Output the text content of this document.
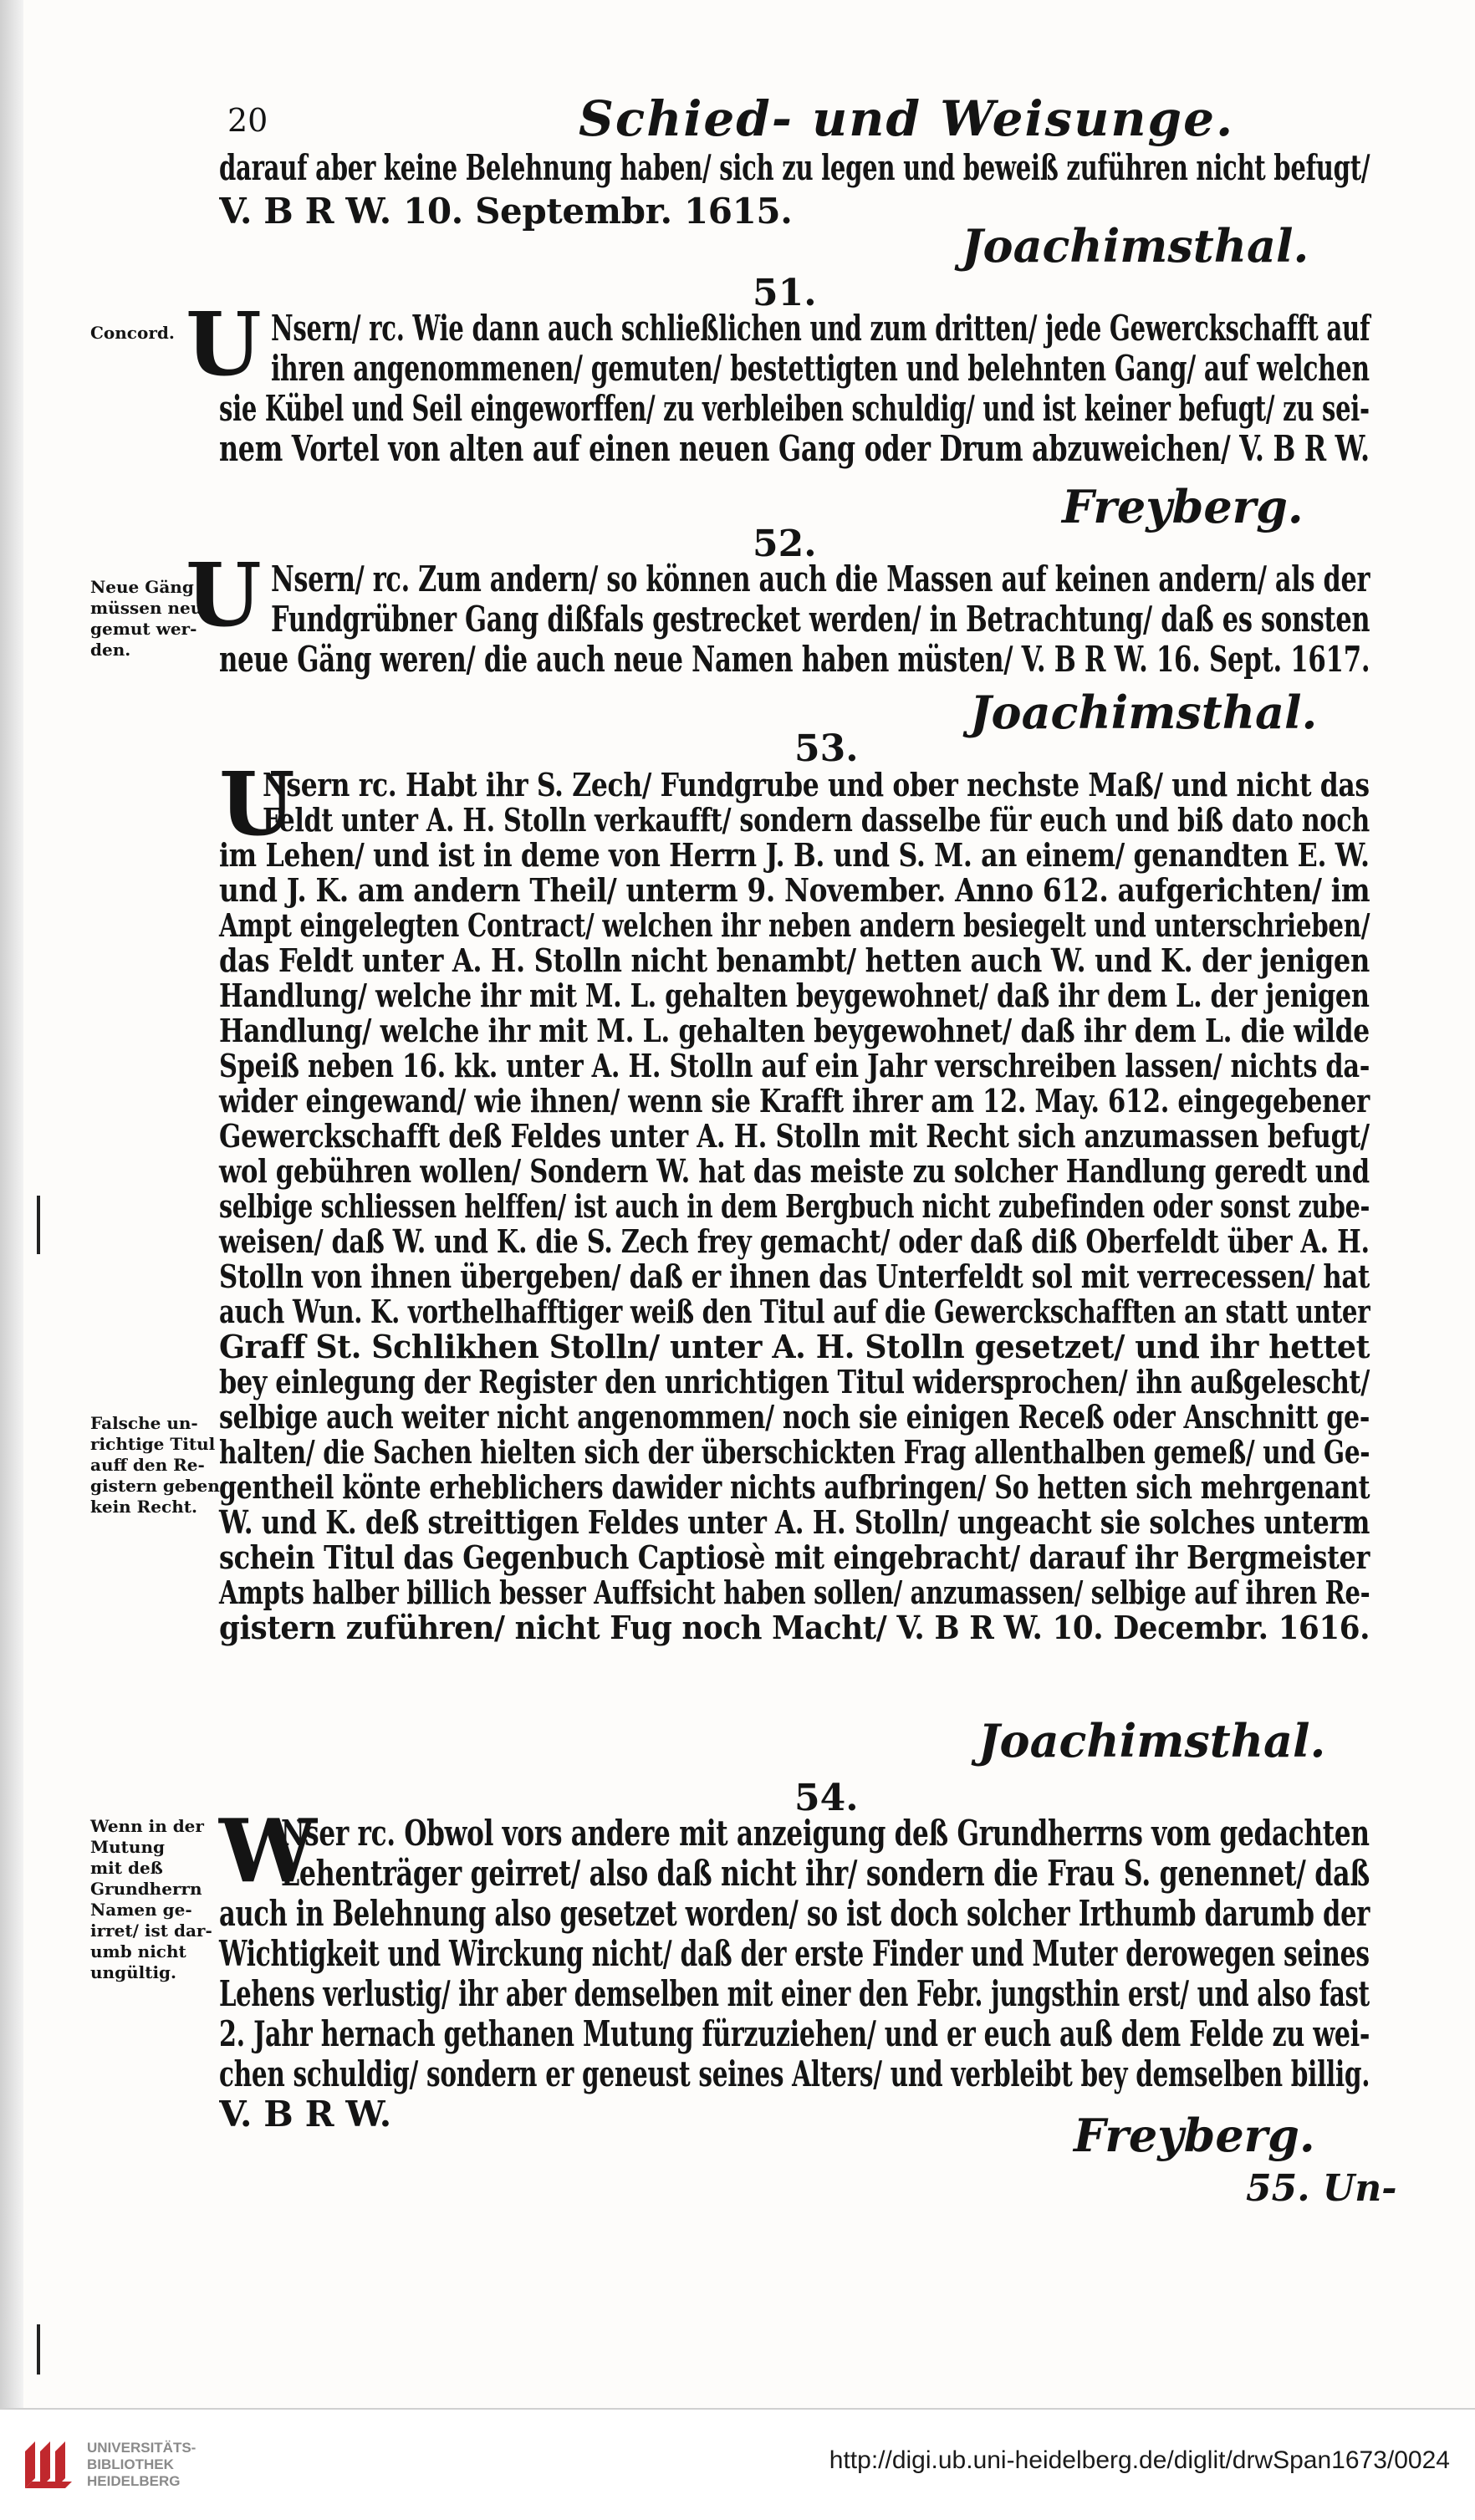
20	Schied- und Weisunge.
darauf aber keine Belehnung haben/ sich zu legen und beweiß zuführen nicht befugt/
V. B R W. 10. Septembr. 1615.
Joachimsthal.
51.
U Nsern/ rc. Wie dann auch schließlichen und zum dritten/ jede Gewerckschafft auf
ihren angenommenen/ gemuten/ bestettigten und belehnten Gang/ auf welchen
sie Kübel und Seil eingeworffen/ zu verbleiben schuldig/ und ist keiner befugt/ zu sei-
nem Vortel von alten auf einen neuen Gang oder Drum abzuweichen/ V. B R W.
Concord.
Freyberg.
52.
U Nsern/ rc. Zum andern/ so können auch die Massen auf keinen andern/ als der
Fundgrübner Gang dißfals gestrecket werden/ in Betrachtung/ daß es sonsten
neue Gäng weren/ die auch neue Namen haben müsten/ V. B R W. 16. Sept. 1617.
Neue Gäng
müssen neu
gemut wer-
den.
Joachimsthal.
53.
U
Nsern rc. Habt ihr S. Zech/ Fundgrube und ober nechste Maß/ und nicht das
Feldt unter A. H. Stolln verkaufft/ sondern dasselbe für euch und biß dato noch
im Lehen/ und ist in deme von Herrn J. B. und S. M. an einem/ genandten E. W.
und J. K. am andern Theil/ unterm 9. November. Anno 612. aufgerichten/ im
Ampt eingelegten Contract/ welchen ihr neben andern besiegelt und unterschrieben/
das Feldt unter A. H. Stolln nicht benambt/ hetten auch W. und K. der jenigen
Handlung/ welche ihr mit M. L. gehalten beygewohnet/ daß ihr dem L. der jenigen
Handlung/ welche ihr mit M. L. gehalten beygewohnet/ daß ihr dem L. die wilde
Speiß neben 16. kk. unter A. H. Stolln auf ein Jahr verschreiben lassen/ nichts da-
wider eingewand/ wie ihnen/ wenn sie Krafft ihrer am 12. May. 612. eingegebener
Gewerckschafft deß Feldes unter A. H. Stolln mit Recht sich anzumassen befugt/
wol gebühren wollen/ Sondern W. hat das meiste zu solcher Handlung geredt und
selbige schliessen helffen/ ist auch in dem Bergbuch nicht zubefinden oder sonst zube-
weisen/ daß W. und K. die S. Zech frey gemacht/ oder daß diß Oberfeldt über A. H.
Stolln von ihnen übergeben/ daß er ihnen das Unterfeldt sol mit verrecessen/ hat
auch Wun. K. vorthelhafftiger weiß den Titul auf die Gewerckschafften an statt unter
Graff St. Schlikhen Stolln/ unter A. H. Stolln gesetzet/ und ihr hettet
bey einlegung der Register den unrichtigen Titul widersprochen/ ihn außgelescht/
selbige auch weiter nicht angenommen/ noch sie einigen Receß oder Anschnitt ge-
halten/ die Sachen hielten sich der überschickten Frag allenthalben gemeß/ und Ge-
gentheil könte erheblichers dawider nichts aufbringen/ So hetten sich mehrgenant
W. und K. deß streittigen Feldes unter A. H. Stolln/ ungeacht sie solches unterm
schein Titul das Gegenbuch Captiosè mit eingebracht/ darauf ihr Bergmeister
Ampts halber billich besser Auffsicht haben sollen/ anzumassen/ selbige auf ihren Re-
gistern zuführen/ nicht Fug noch Macht/ V. B R W. 10. Decembr. 1616.
Falsche un-
richtige Titul
auff den Re-
gistern geben
kein Recht.
Joachimsthal.
54.
W
Nser rc. Obwol vors andere mit anzeigung deß Grundherrns vom gedachten
Lehenträger geirret/ also daß nicht ihr/ sondern die Frau S. genennet/ daß
auch in Belehnung also gesetzet worden/ so ist doch solcher Irthumb darumb der
Wichtigkeit und Wirckung nicht/ daß der erste Finder und Muter derowegen seines
Lehens verlustig/ ihr aber demselben mit einer den Febr. jungsthin erst/ und also fast
2. Jahr hernach gethanen Mutung fürzuziehen/ und er euch auß dem Felde zu wei-
chen schuldig/ sondern er geneust seines Alters/ und verbleibt bey demselben billig.
V. B R W.
Wenn in der
Mutung
mit deß
Grundherrn
Namen ge-
irret/ ist dar-
umb nicht
ungültig.
Freyberg.
55. Un-
UNIVERSITÄTS-
BIBLIOTHEK
HEIDELBERG
http://digi.ub.uni-heidelberg.de/diglit/drwSpan1673/0024
